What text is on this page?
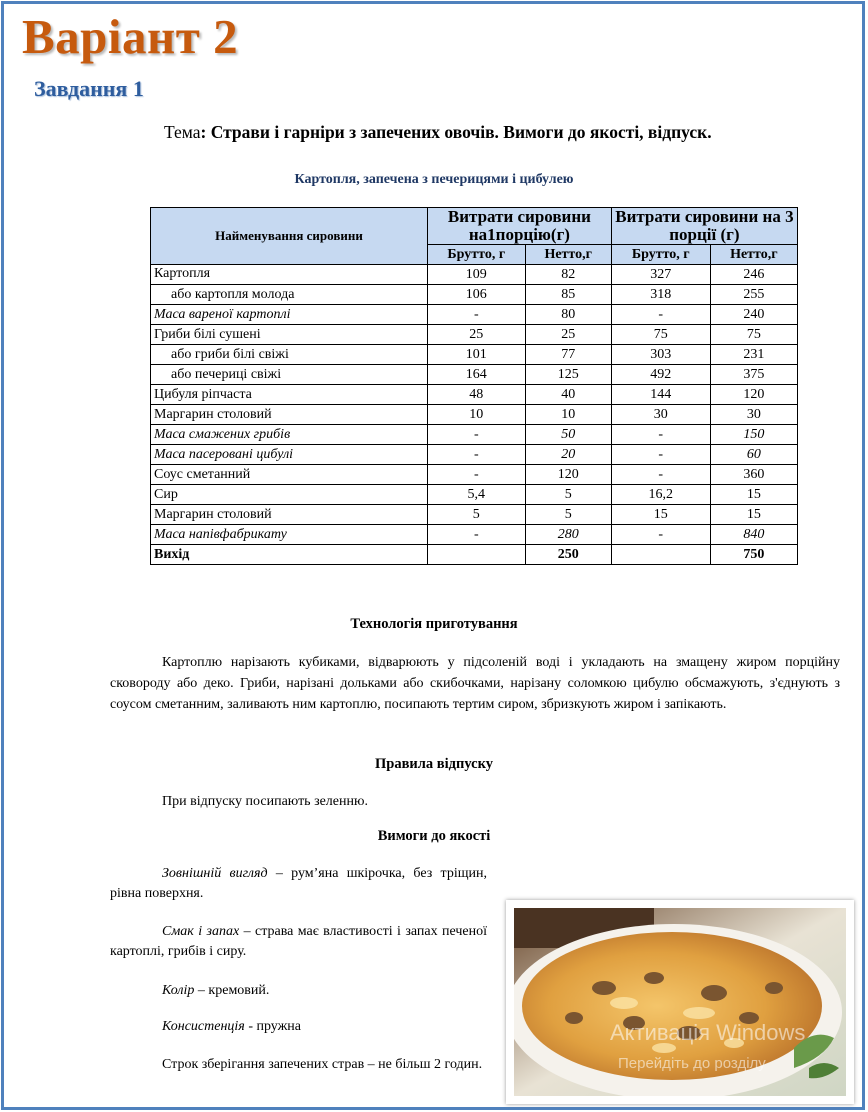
Варіант 2
Завдання 1
Тема: Страви і гарніри з запечених овочів. Вимоги до якості, відпуск.
Картопля, запечена з печерицями і цибулею
Найменування сировини	Витрати сировини на1порцію(г)		Витрати сировини на 3 порції (г)	
	Брутто, г	Нетто,г	Брутто, г	Нетто,г
Картопля	109	82	327	246
або картопля молода	106	85	318	255
Маса вареної картоплі	-	80	-	240
Гриби білі сушені	25	25	75	75
або гриби білі свіжі	101	77	303	231
або печериці свіжі	164	125	492	375
Цибуля ріпчаста	48	40	144	120
Маргарин столовий	10	10	30	30
Маса смажених грибів	-	50	-	150
Маса пасеровані цибулі	-	20	-	60
Соус сметанний	-	120	-	360
Сир	5,4	5	16,2	15
Маргарин столовий	5	5	15	15
Маса напівфабрикату	-	280	-	840
Вихід		250		750
Технологія приготування
Картоплю нарізають кубиками, відварюють у підсоленій воді і укладають на змащену жиром порційну сковороду або деко. Гриби, нарізані дольками або скибочками, нарізану соломкою цибулю обсмажують, з'єднують з соусом сметанним, заливають ним картоплю, посипають тертим сиром, збризкують жиром і запікають.
Правила відпуску
При відпуску посипають зеленню.
Вимоги до якості

Зовнішній вигляд – рум’яна шкірочка, без тріщин, рівна поверхня.

Смак і запах – страва має властивості і запах печеної картоплі, грибів і сиру.

Колір – кремовий.

Консистенція - пружна

Строк зберігання запечених страв – не більш 2 годин.

Активація Windows
Перейдіть до розділу
